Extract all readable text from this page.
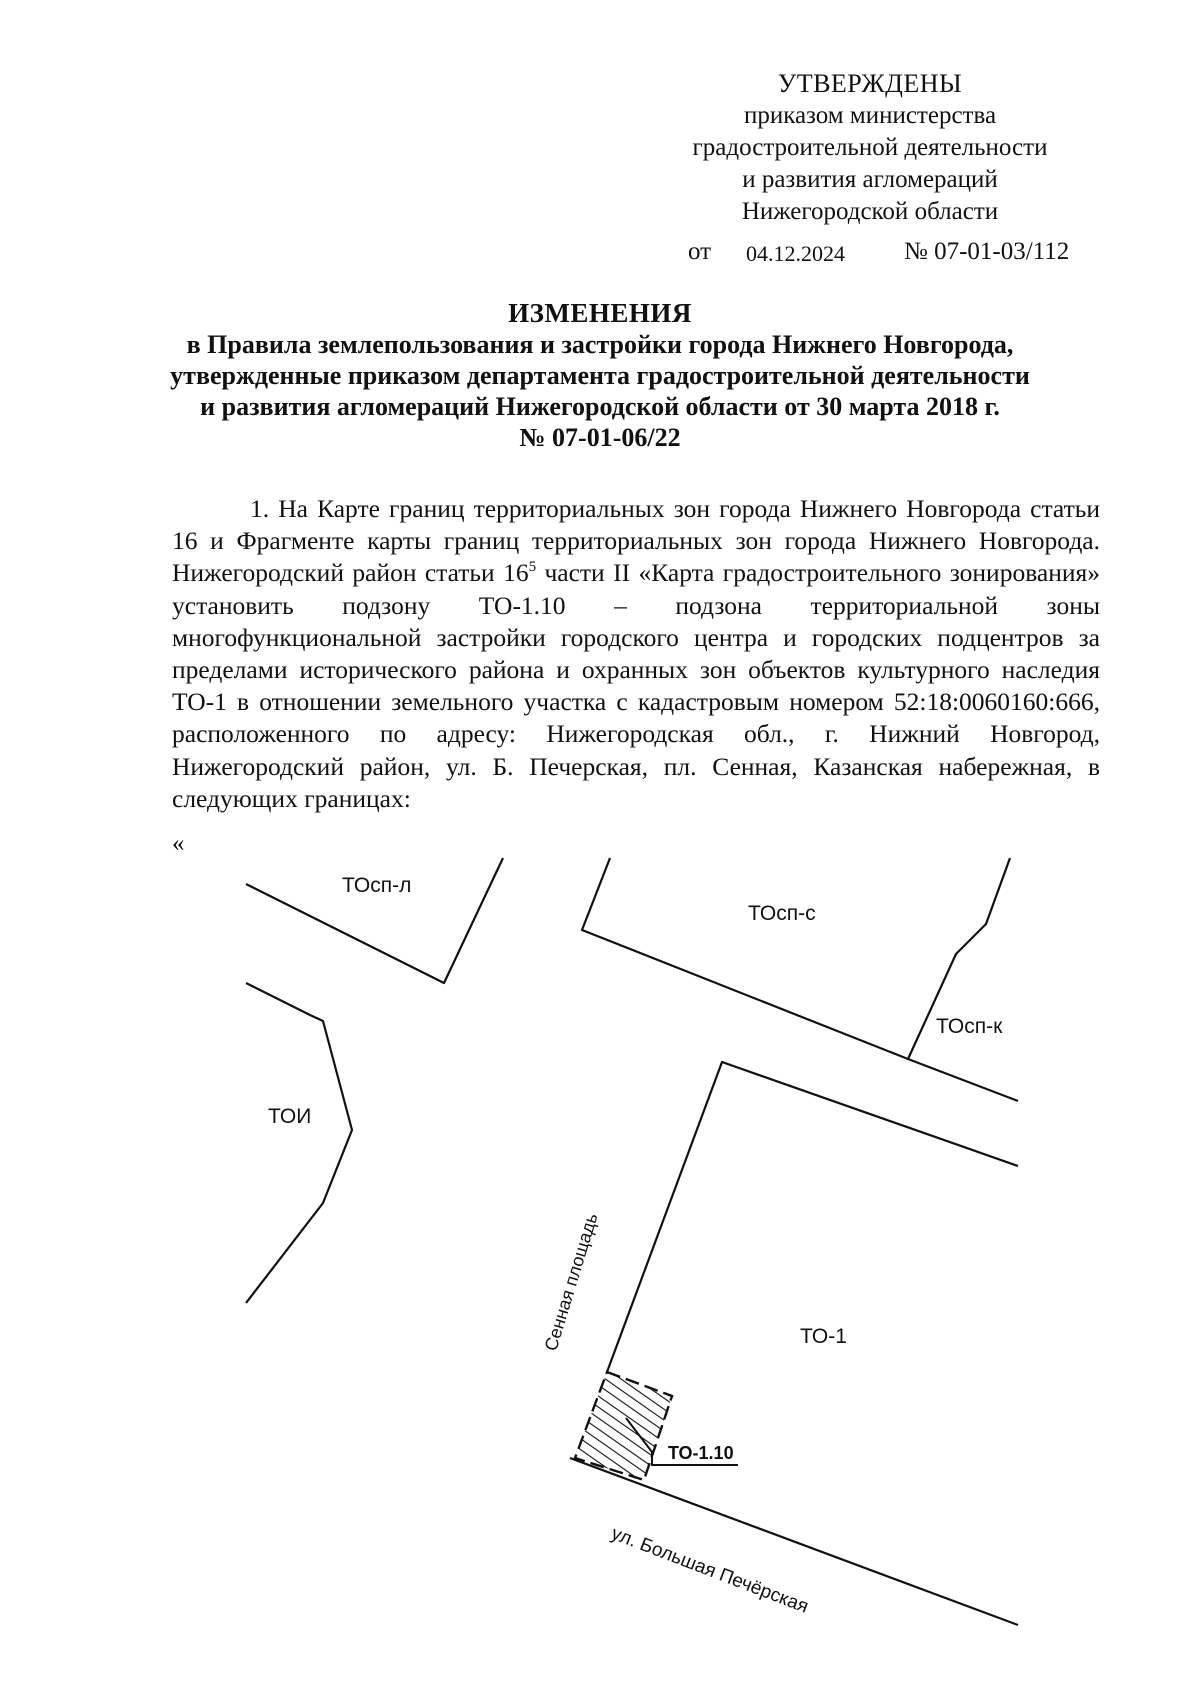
УТВЕРЖДЕНЫ
приказом министерства
градостроительной деятельности
и развития агломераций
Нижегородской области
от 04.12.2024 № 07-01-03/112
ИЗМЕНЕНИЯ
в Правила землепользования и застройки города Нижнего Новгорода,
утвержденные приказом департамента градостроительной деятельности
и развития агломераций Нижегородской области от 30 марта 2018 г.
№ 07-01-06/22
1. На Карте границ территориальных зон города Нижнего Новгорода статьи 16 и Фрагменте карты границ территориальных зон города Нижнего Новгорода. Нижегородский район статьи $16^5$ части II «Карта градостроительного зонирования» установить подзону ТО-1.10 – подзона территориальной зоны многофункциональной застройки городского центра и городских подцентров за пределами исторического района и охранных зон объектов культурного наследия ТО-1 в отношении земельного участка с кадастровым номером 52:18:0060160:666, расположенного по адресу: Нижегородская обл., г. Нижний Новгород, Нижегородский район, ул. Б. Печерская, пл. Сенная, Казанская набережная, в следующих границах:
«
ТОсп-л
ТОсп-с
ТОсп-к
ТОИ
ТО-1
ТО-1.10
Сенная площадь
ул. Большая Печёрская
